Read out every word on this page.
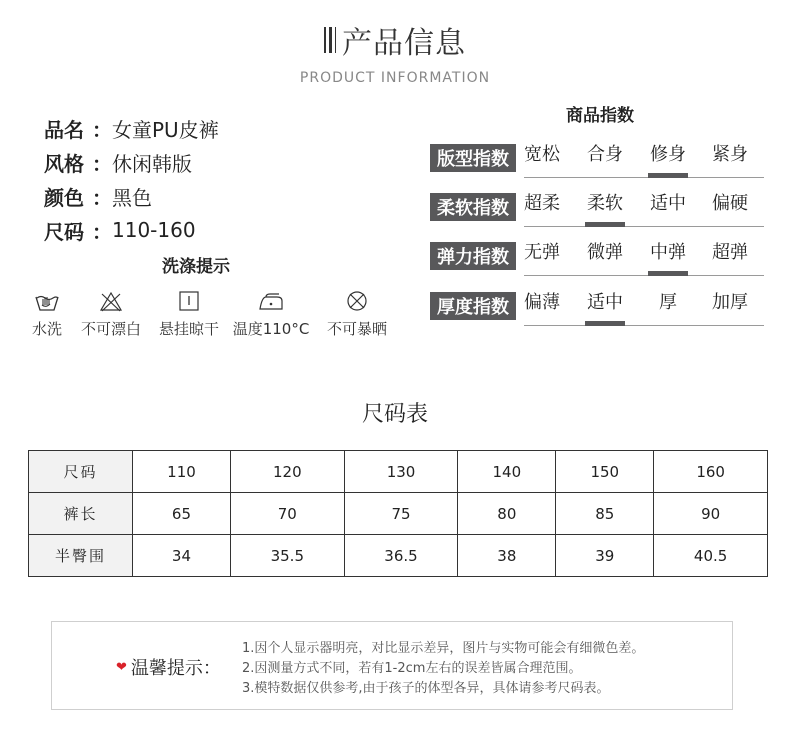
产品信息
PRODUCT INFORMATION
品名 ： 女童PU皮裤
风格 ： 休闲韩版
颜色 ： 黑色
尺码 ： 110-160
洗涤提示
水洗 不可漂白 悬挂晾干 温度110°C 不可暴晒
商品指数
版型指数 宽松 合身 修身 紧身
柔软指数 超柔 柔软 适中 偏硬
弹力指数 无弹 微弹 中弹 超弹
厚度指数 偏薄 适中	厚	加厚
尺码表
尺码	110	120	130	140	150	160
裤长	65	70	75	80	85	90
半臀围	34	35.5	36.5	38	39	40.5
❤ 温馨提示：
1.因个人显示器明亮，对比显示差异，图片与实物可能会有细微色差。
2.因测量方式不同，若有1-2cm左右的误差皆属合理范围。
3.模特数据仅供参考,由于孩子的体型各异，具体请参考尺码表。
